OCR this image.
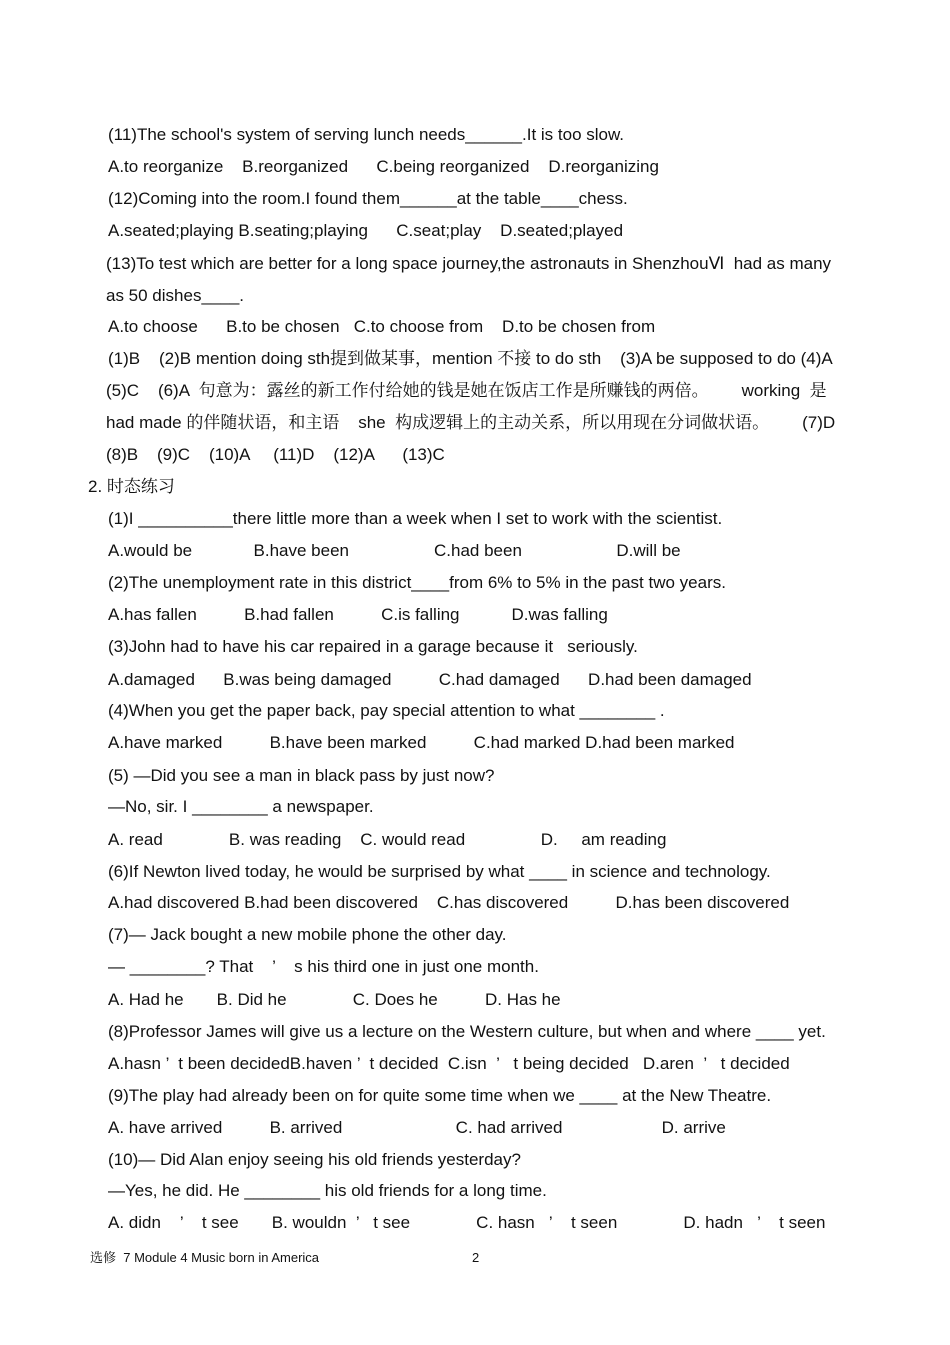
(11)The school's system of serving lunch needs______.It is too slow.
A.to reorganize    B.reorganized      C.being reorganized    D.reorganizing
(12)Coming into the room.I found them______at the table____chess.
A.seated;playing B.seating;playing      C.seat;play    D.seated;played
(13)To test which are better for a long space journey,the astronauts in ShenzhouⅥ  had as many
as 50 dishes____.
A.to choose      B.to be chosen   C.to choose from    D.to be chosen from
(1)B    (2)B mention doing sth提到做某事，mention 不接 to do sth    (3)A be supposed to do (4)A
(5)C    (6)A  句意为：露丝的新工作付给她的钱是她在饭店工作是所赚钱的两倍。       working  是
had made 的伴随状语，和主语    she  构成逻辑上的主动关系，所以用现在分词做状语。       (7)D
(8)B    (9)C    (10)A     (11)D    (12)A      (13)C
2. 时态练习
(1)I __________there little more than a week when I set to work with the scientist.
A.would be             B.have been                  C.had been                    D.will be
(2)The unemployment rate in this district____from 6% to 5% in the past two years.
A.has fallen          B.had fallen          C.is falling           D.was falling
(3)John had to have his car repaired in a garage because it   seriously.
A.damaged      B.was being damaged          C.had damaged      D.had been damaged
(4)When you get the paper back, pay special attention to what ________ .
A.have marked          B.have been marked          C.had marked D.had been marked
(5) —Did you see a man in black pass by just now?
—No, sir. I ________ a newspaper.
A. read              B. was reading    C. would read                D.     am reading
(6)If Newton lived today, he would be surprised by what ____ in science and technology.
A.had discovered B.had been discovered    C.has discovered          D.has been discovered
(7)— Jack bought a new mobile phone the other day.
— ________? That    ’    s his third one in just one month.
A. Had he       B. Did he              C. Does he          D. Has he
(8)Professor James will give us a lecture on the Western culture, but when and where ____ yet.
A.hasn ’  t been decidedB.haven ’  t decided  C.isn  ’   t being decided   D.aren  ’   t decided
(9)The play had already been on for quite some time when we ____ at the New Theatre.
A. have arrived          B. arrived                        C. had arrived                     D. arrive
(10)— Did Alan enjoy seeing his old friends yesterday?
—Yes, he did. He ________ his old friends for a long time.
A. didn    ’    t see       B. wouldn  ’   t see              C. hasn   ’    t seen              D. hadn   ’    t seen
选修  7 Module 4 Music born in America	2
